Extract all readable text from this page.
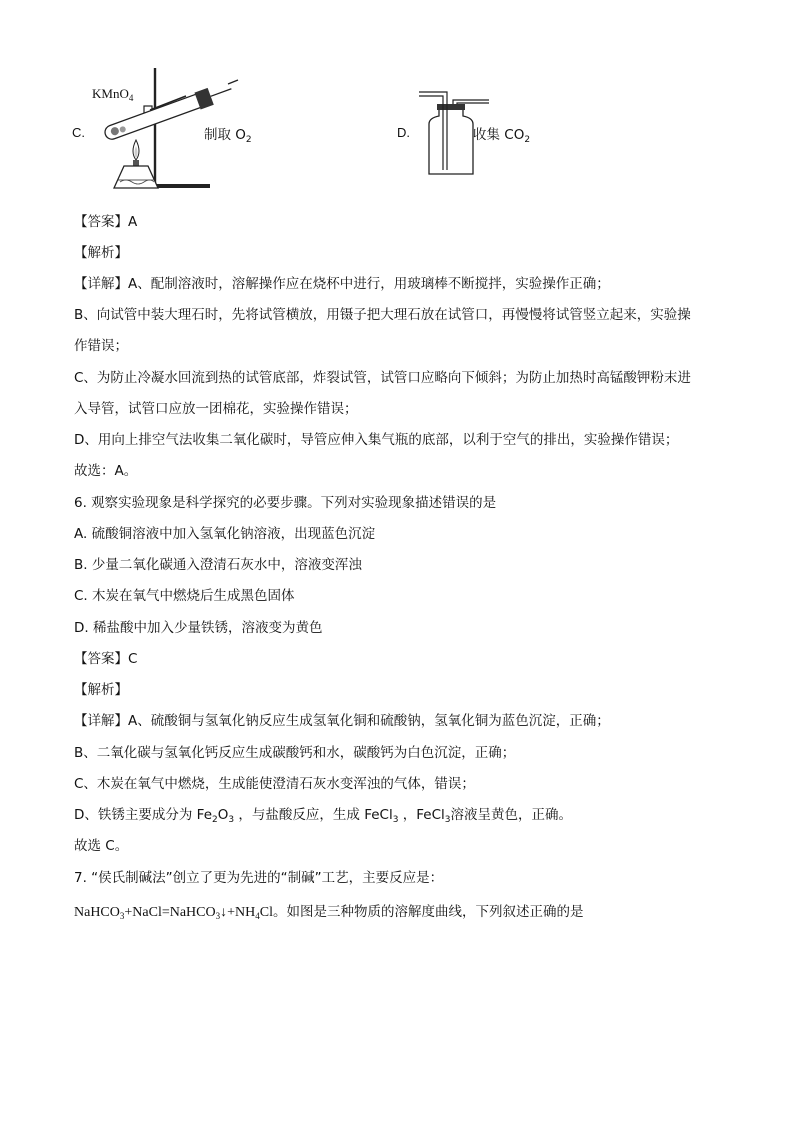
C.
KMnO$_4$
制取 $O_2$	D.	收集 $CO_2$
【答案】A
【解析】
【详解】A、配制溶液时，溶解操作应在烧杯中进行，用玻璃棒不断搅拌，实验操作正确；
B、向试管中装大理石时，先将试管横放，用镊子把大理石放在试管口，再慢慢将试管竖立起来，实验操
作错误；
C、为防止冷凝水回流到热的试管底部，炸裂试管，试管口应略向下倾斜；为防止加热时高锰酸钾粉末进
入导管，试管口应放一团棉花，实验操作错误；
D、用向上排空气法收集二氧化碳时，导管应伸入集气瓶的底部，以利于空气的排出，实验操作错误；
故选：A。
6. 观察实验现象是科学探究的必要步骤。下列对实验现象描述错误的是
A. 硫酸铜溶液中加入氢氧化钠溶液，出现蓝色沉淀
B. 少量二氧化碳通入澄清石灰水中，溶液变浑浊
C. 木炭在氧气中燃烧后生成黑色固体
D. 稀盐酸中加入少量铁锈，溶液变为黄色
【答案】C
【解析】
【详解】A、硫酸铜与氢氧化钠反应生成氢氧化铜和硫酸钠，氢氧化铜为蓝色沉淀，正确；
B、二氧化碳与氢氧化钙反应生成碳酸钙和水，碳酸钙为白色沉淀，正确；
C、木炭在氧气中燃烧，生成能使澄清石灰水变浑浊的气体，错误；
D、铁锈主要成分为 $Fe_2O_3$ ，与盐酸反应，生成 FeCl$_3$ ，FeCl$_3$溶液呈黄色，正确。
故选 C。
7. “侯氏制碱法”创立了更为先进的“制碱”工艺，主要反应是：
$NaHCO_3+NaCl=NaHCO_3↓+NH_4Cl$。如图是三种物质的溶解度曲线，下列叙述正确的是
